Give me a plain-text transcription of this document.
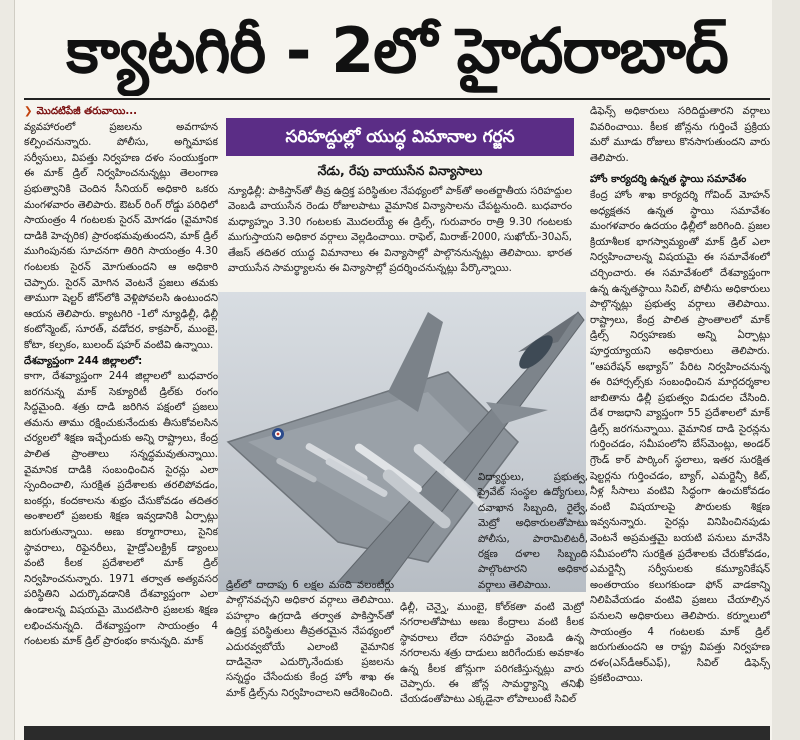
క్యాటగిరీ - 2లో హైదరాబాద్

❯ మొదటిపేజీ తరువాయి...

వ్యవహారంలో ప్రజలను అవగాహన కల్పించనున్నారు. పోలీసు, అగ్నిమాపక సర్వీసులు, విపత్తు నిర్వహణ దళం సంయుక్తంగా ఈ మాక్ డ్రిల్ నిర్వహించనున్నట్లు తెలంగాణ ప్రభుత్వానికి చెందిన సీనియర్ అధికారి ఒకరు మంగళవారం తెలిపారు. ఔటర్ రింగ్ రోడ్డు పరిధిలో సాయంత్రం 4 గంటలకు సైరన్ మోగడం (వైమానిక దాడికి హెచ్చరిక) ప్రారంభమవుతుందని, మాక్ డ్రిల్ ముగింపునకు సూచనగా తిరిగి సాయంత్రం 4.30 గంటలకు సైరన్ మోగుతుందని ఆ అధికారి చెప్పారు. సైరన్ మోగిన వెంటనే ప్రజలు తమకు తాముగా షెల్టర్ జోన్‌లోకి వెళ్లిపోవలసి ఉంటుందని ఆయన తెలిపారు. క్యాటగిరి -1లో న్యూఢిల్లీ, ఢిల్లీ కంటోన్మెంట్, సూరత్, వడోదర, కాక్రపార్, ముంబై, కోటా, కల్పకం, బులంద్ షహర్ వంటివి ఉన్నాయి.

దేశవ్యాప్తంగా 244 జిల్లాలలో:

కాగా, దేశవ్యాప్తంగా 244 జిల్లాలలో బుధవారం జరగనున్న మాక్ సెక్యూరిటీ డ్రిల్‌కు రంగం సిద్ధమైంది. శత్రు దాడి జరిగిన పక్షంలో ప్రజలు తమను తాము రక్షించుకునేందుకు తీసుకోవలసిన చర్యలలో శిక్షణ ఇచ్చేందుకు అన్ని రాష్ట్రాలు, కేంద్ర పాలిత ప్రాంతాలు సన్నద్ధమవుతున్నాయి. వైమానిక దాడికి సంబంధించిన సైరన్లు ఎలా స్పందించాలి, సురక్షిత ప్రదేశాలకు తరలిపోవడం, బంకర్లు, కందకాలను శుభ్రం చేసుకోవడం తదితర అంశాలలో ప్రజలకు శిక్షణ ఇవ్వడానికి ఏర్పాట్లు జరుగుతున్నాయి. అణు కర్మాగారాలు, సైనిక స్థావరాలు, రిఫైనరీలు, హైడ్రోఎలక్ట్రిక్ డ్యాంలు వంటి కీలక ప్రదేశాలలో మాక్ డ్రిల్ నిర్వహించనున్నారు. 1971 తర్వాత అత్యవసర పరిస్థితిని ఎదుర్కొవడానికి దేశవ్యాప్తంగా ఎలా ఉండాలన్న విషయమై మొదటిసారి ప్రజలకు శిక్షణ లభించనున్నది. దేశవ్యాప్తంగా సాయంత్రం 4 గంటలకు మాక్ డ్రిల్ ప్రారంభం కానున్నది. మాక్

సరిహద్దుల్లో యుద్ధ విమానాల గర్జన
నేడు, రేపు వాయుసేన విన్యాసాలు
న్యూఢిల్లీ: పాకిస్తాన్‌తో తీవ్ర ఉద్రిక్త పరిస్థితుల నేపథ్యంలో పాక్‌తో అంతర్జాతీయ సరిహద్దుల వెంబడి వాయుసేన రెండు రోజులపాటు వైమానిక విన్యాసాలను చేపట్టనుంది. బుధవారం మధ్యాహ్నం 3.30 గంటలకు మొదలయ్యే ఈ డ్రిల్స్, గురువారం రాత్రి 9.30 గంటలకు ముగుస్తాయని అధికార వర్గాలు వెల్లడించాయి. రాఫెల్, మిరాజ్-2000, సుఖోయ్-30ఎస్, తేజస్ తదితర యుద్ధ విమానాలు ఈ విన్యాసాల్లో పాల్గొననున్నట్లు తెలిపాయి. భారత వాయుసేన సామర్థ్యాలను ఈ విన్యాసాల్లో ప్రదర్శించనున్నట్లు పేర్కొన్నాయి.
విద్యార్థులు, ప్రభుత్వ, ప్రైవేట్ సంస్థల ఉద్యోగులు, దవాఖాన సిబ్బంది, రైల్వే, మెట్రో అధికారులతోపాటు పోలీసు, పారామిలిటరీ, రక్షణ దళాల సిబ్బంది పాల్గొంటారని అధికార వర్గాలు తెలిపాయి.
డ్రిల్‌లో దాదాపు 6 లక్షల మంది వలంటీర్లు పాల్గొనవచ్చని అధికార వర్గాలు తెలిపాయి. పహల్గాం ఉగ్రదాడి తర్వాత పాకిస్తాన్‌తో ఉద్రిక్త పరిస్థితులు తీవ్రతరమైన నేపథ్యంలో ఎదురవ్వబోయే ఎలాంటి వైమానిక దాడినైనా ఎదుర్కొనేందుకు ప్రజలను సన్నద్ధం చేసేందుకు కేంద్ర హోం శాఖ ఈ మాక్ డ్రిల్స్‌ను నిర్వహించాలని ఆదేశించింది.
ఢిల్లీ, చెన్నై, ముంబై, కోల్‌కతా వంటి మెట్రో నగరాలతోపాటు అణు కేంద్రాలు వంటి కీలక స్థావరాలు లేదా సరిహద్దు వెంబడి ఉన్న నగరాలను శత్రు దాడులు జరిగేందుకు అవకాశం ఉన్న కీలక జోన్లుగా పరిగణిస్తున్నట్లు వారు చెప్పారు. ఈ జోన్ల సామర్థ్యాన్ని తనిఖీ చేయడంతోపాటు ఎక్కడైనా లోపాలుంటే సివిల్

డిఫెన్స్ అధికారులు సరిదిద్దుతారని వర్గాలు వివరించాయి. కీలక జోన్లను గుర్తించే ప్రక్రియ మరో మూడు రోజులు కొనసాగుతుందని వారు తెలిపారు.

హోం కార్యదర్శి ఉన్నత స్థాయి సమావేశం

కేంద్ర హోం శాఖ కార్యదర్శి గోవింద్ మోహన్ అధ్యక్షతన ఉన్నత స్థాయి సమావేశం మంగళవారం ఉదయం ఢిల్లీలో జరిగింది. ప్రజల క్రియాశీలక భాగస్వామ్యంతో మాక్ డ్రిల్ ఎలా నిర్వహించాలన్న విషయమై ఈ సమావేశంలో చర్చించారు. ఈ సమావేశంలో దేశవ్యాప్తంగా ఉన్న ఉన్నతస్థాయి సివిల్, పోలీసు అధికారులు పాల్గొన్నట్లు ప్రభుత్వ వర్గాలు తెలిపాయి. రాష్ట్రాలు, కేంద్ర పాలిత ప్రాంతాలలో మాక్ డ్రిల్స్ నిర్వహణకు అన్ని ఏర్పాట్లు పూర్తయ్యాయని అధికారులు తెలిపారు. “ఆపరేషన్ అభ్యాస్” పేరిట నిర్వహించనున్న ఈ రిహార్సల్స్‌కు సంబంధించిన మార్గదర్శకాల జాబితాను ఢిల్లీ ప్రభుత్వం విడుదల చేసింది. దేశ రాజధాని వ్యాప్తంగా 55 ప్రదేశాలలో మాక్ డ్రిల్స్ జరగనున్నాయి. వైమానిక దాడి సైరన్లను గుర్తించడం, సమీపంలోని బేస్‌మెంట్లు, అండర్ గ్రౌండ్ కార్ పార్కింగ్ స్థలాలు, ఇతర సురక్షిత షెల్టర్లను గుర్తించడం, బ్యాగ్, ఎమర్జెన్సీ కిట్, నీళ్ల సీసాలు వంటివి సిద్ధంగా ఉంచుకోవడం వంటి విషయాలపై పౌరులకు శిక్షణ ఇవ్వనున్నారు. సైరన్లు వినిపించినపుడు వెంటనే అప్రమత్తమై బయటి పనులు మానేసి సమీపంలోని సురక్షిత ప్రదేశాలకు చేరుకోవడం, ఎమర్జెన్సీ సర్వీసులకు కమ్యూనికేషన్ అంతరాయం కలుగకుండా ఫోన్ వాడకాన్ని నిలిపివేయడం వంటివి ప్రజలు చేయాల్సిన పనులని అధికారులు తెలిపారు. కర్నూలులో సాయంత్రం 4 గంటలకు మాక్ డ్రిల్ జరుగుతుందని ఆ రాష్ట్ర విపత్తు నిర్వహణ దళం(ఎస్‌డీఆర్ఎఫ్), సివిల్ డిఫెన్స్ ప్రకటించాయి.
